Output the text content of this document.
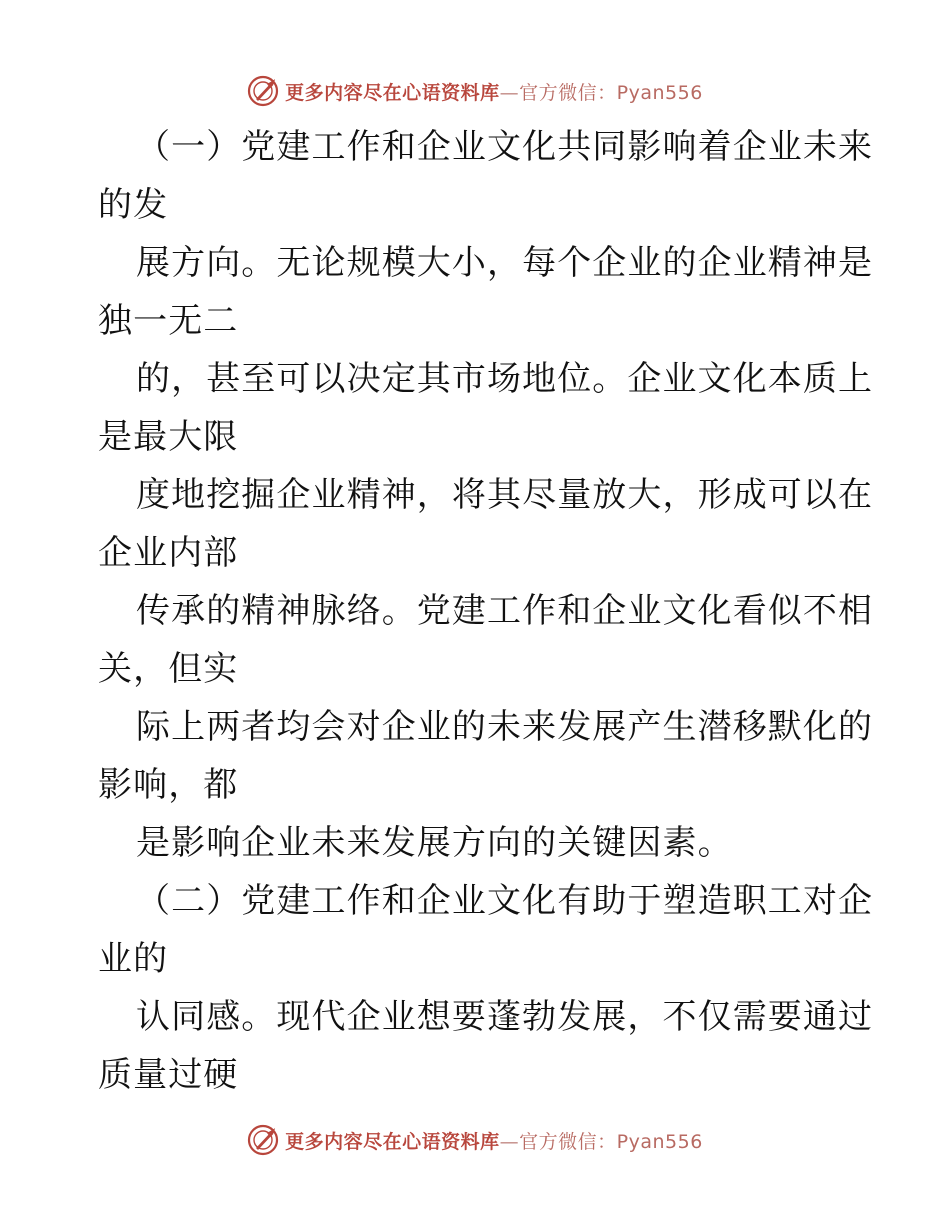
更多内容尽在心语资料库—官方微信：Pyan556
（一）党建工作和企业文化共同影响着企业未来
的发
展方向。无论规模大小，每个企业的企业精神是
独一无二
的，甚至可以决定其市场地位。企业文化本质上
是最大限
度地挖掘企业精神，将其尽量放大，形成可以在
企业内部
传承的精神脉络。党建工作和企业文化看似不相
关，但实
际上两者均会对企业的未来发展产生潜移默化的
影响，都
是影响企业未来发展方向的关键因素。
（二）党建工作和企业文化有助于塑造职工对企
业的
认同感。现代企业想要蓬勃发展，不仅需要通过
质量过硬
更多内容尽在心语资料库—官方微信：Pyan556
